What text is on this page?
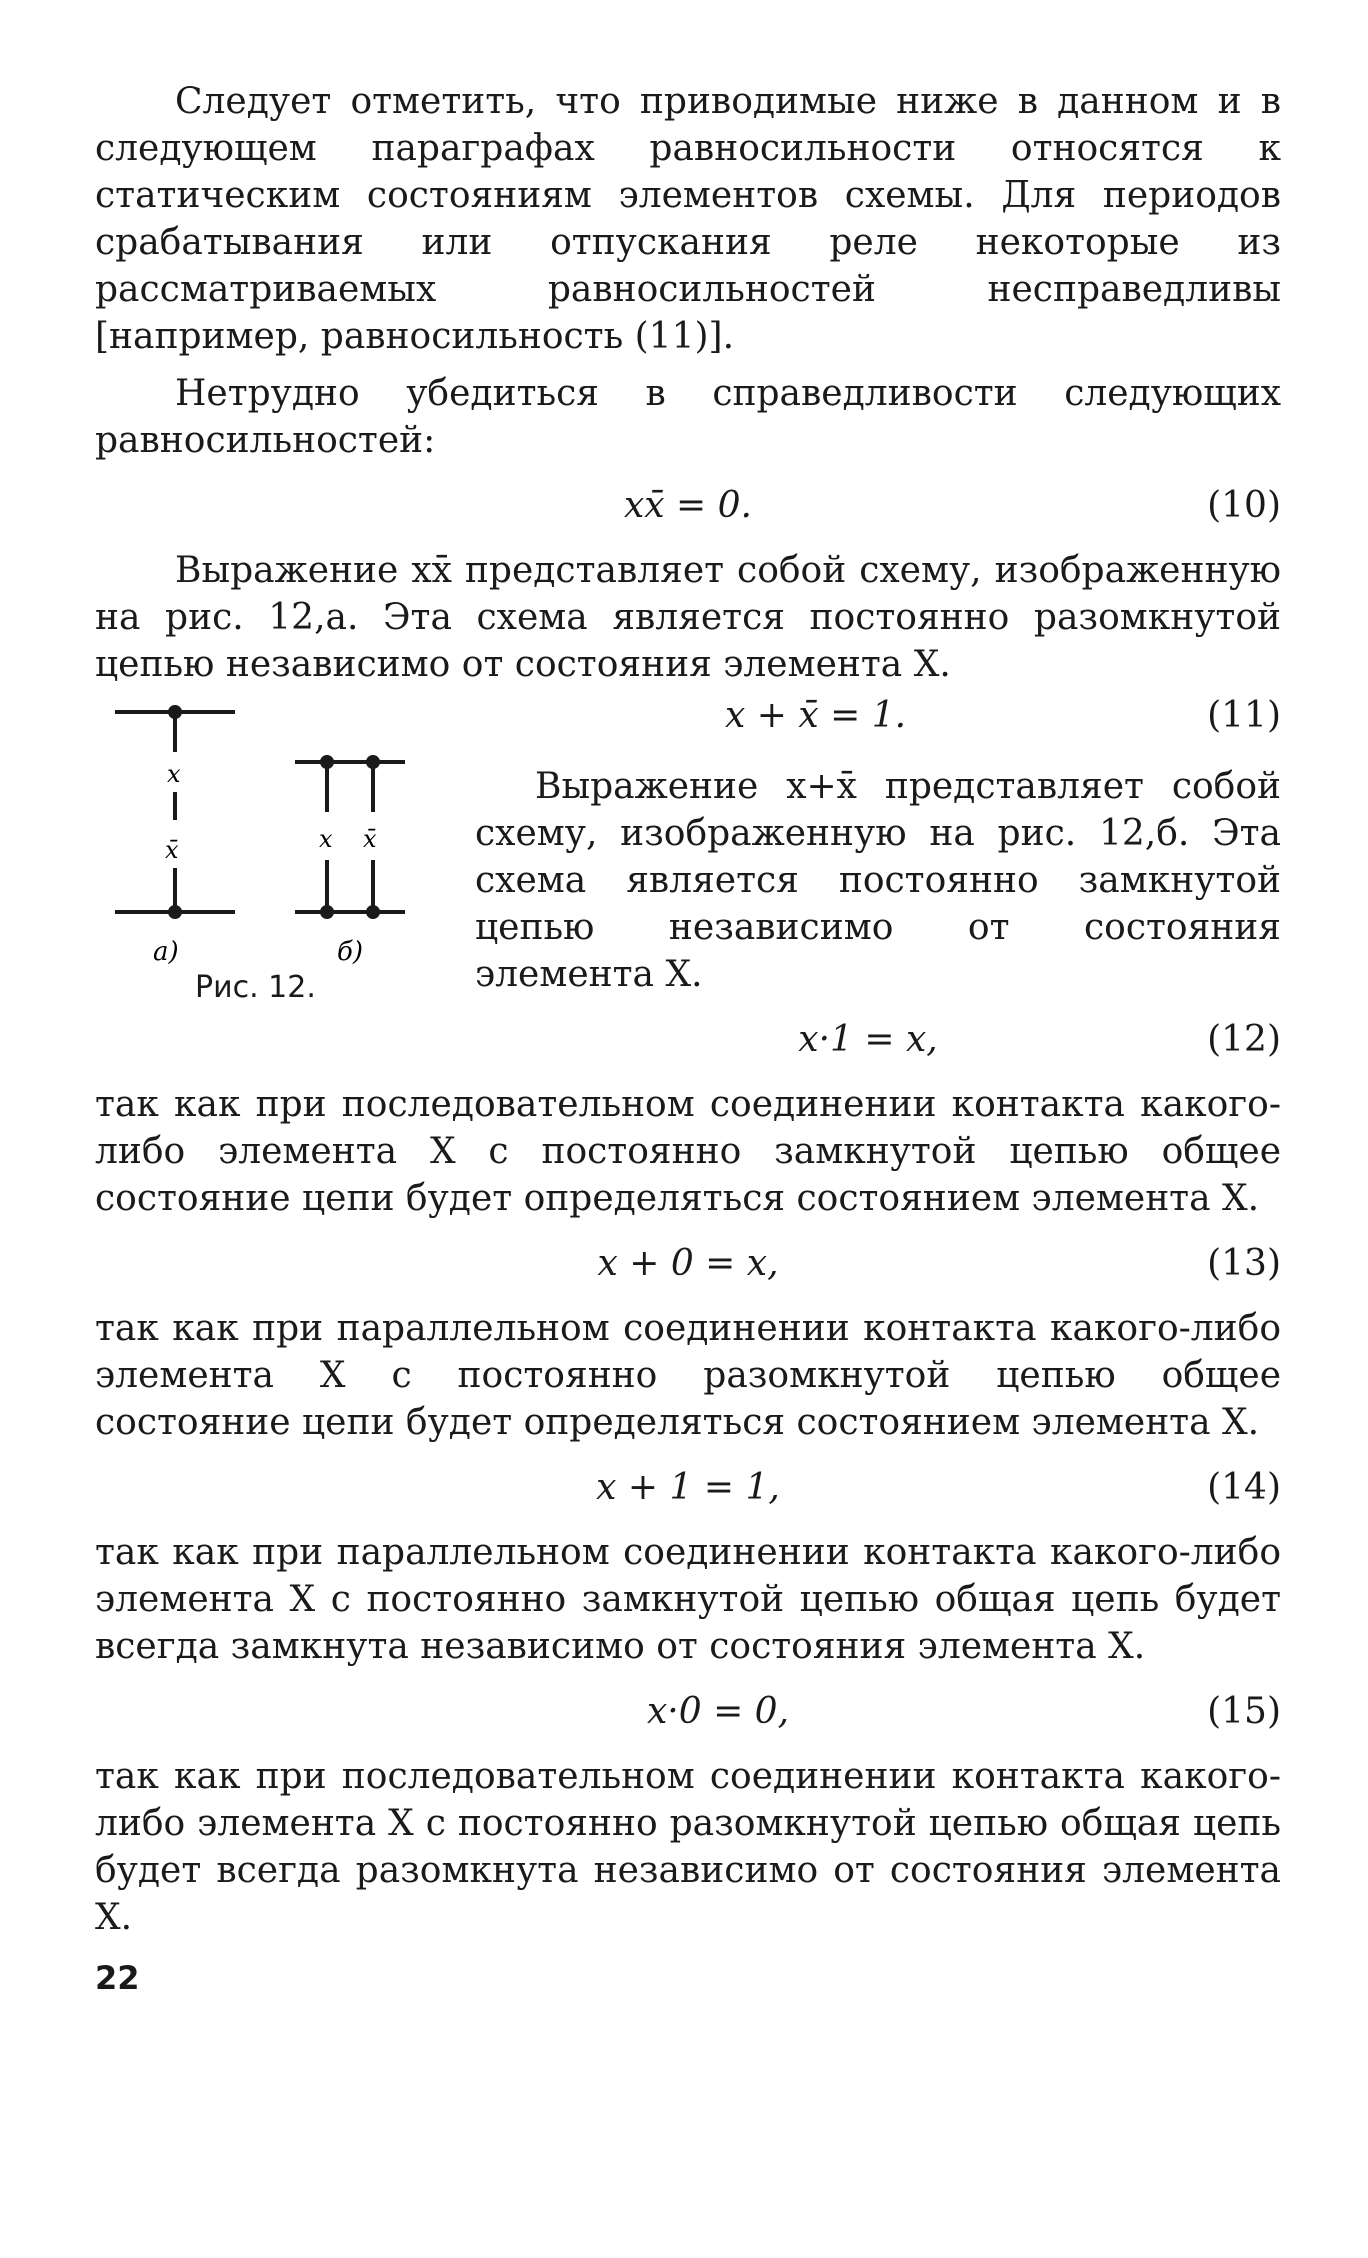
Следует отметить, что приводимые ниже в данном и в следующем параграфах равносильности относятся к статическим состояниям элементов схемы. Для периодов срабатывания или отпускания реле некоторые из рассматриваемых равносильностей несправедливы [например, равносильность (11)].

Нетрудно убедиться в справедливости следующих равносильностей:

xx̄ = 0.	(10)

Выражение xx̄ представляет собой схему, изображенную на рис. 12,а. Эта схема является постоянно разомкнутой цепью независимо от состояния элемента X.

x
x̄
а)
x x̄
б)
Рис. 12.
x + x̄ = 1.	(11)

Выражение x+x̄ представляет собой схему, изображенную на рис. 12,б. Эта схема является постоянно замкнутой цепью независимо от состояния элемента X.

x·1 = x,	(12)

так как при последовательном соединении контакта какого-либо элемента X с постоянно замкнутой цепью общее состояние цепи будет определяться состоянием элемента X.

x + 0 = x,	(13)

так как при параллельном соединении контакта какого-либо элемента X с постоянно разомкнутой цепью общее состояние цепи будет определяться состоянием элемента X.

x + 1 = 1,	(14)

так как при параллельном соединении контакта какого-либо элемента X с постоянно замкнутой цепью общая цепь будет всегда замкнута независимо от состояния элемента X.

x·0 = 0,	(15)

так как при последовательном соединении контакта какого-либо элемента X с постоянно разомкнутой цепью общая цепь будет всегда разомкнута независимо от состояния элемента X.

22
